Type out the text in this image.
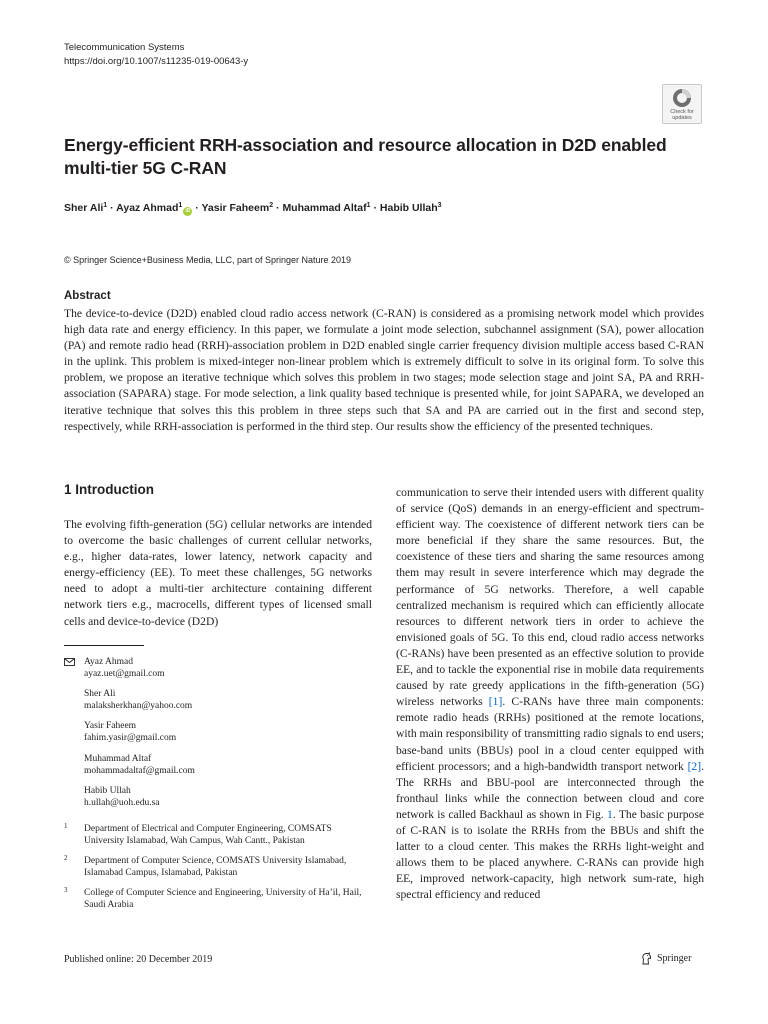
Telecommunication Systems
https://doi.org/10.1007/s11235-019-00643-y
Check for
updates
Energy-efficient RRH-association and resource allocation in D2D enabled multi-tier 5G C-RAN
Sher Ali$^1$ · Ayaz Ahmad$^1$iD · Yasir Faheem$^2$ · Muhammad Altaf$^1$ · Habib Ullah$^3$
© Springer Science+Business Media, LLC, part of Springer Nature 2019
Abstract

The device-to-device (D2D) enabled cloud radio access network (C-RAN) is considered as a promising network model which provides high data rate and energy efficiency. In this paper, we formulate a joint mode selection, subchannel assignment (SA), power allocation (PA) and remote radio head (RRH)-association problem in D2D enabled single carrier frequency division multiple access based C-RAN in the uplink. This problem is mixed-integer non-linear problem which is extremely difficult to solve in its original form. To solve this problem, we propose an iterative technique which solves this problem in two stages; mode selection stage and joint SA, PA and RRH-association (SAPARA) stage. For mode selection, a link quality based technique is presented while, for joint SAPARA, we developed an iterative technique that solves this this problem in three steps such that SA and PA are carried out in the first and second step, respectively, while RRH-association is performed in the third step. Our results show the efficiency of the presented techniques.

1 Introduction

The evolving fifth-generation (5G) cellular networks are intended to overcome the basic challenges of current cellular networks, e.g., higher data-rates, lower latency, network capacity and energy-efficiency (EE). To meet these challenges, 5G networks need to adopt a multi-tier architecture containing different network tiers e.g., macrocells, different types of licensed small cells and device-to-device (D2D)

communication to serve their intended users with different quality of service (QoS) demands in an energy-efficient and spectrum-efficient way. The coexistence of different network tiers can be more beneficial if they share the same resources. But, the coexistence of these tiers and sharing the same resources among them may result in severe interference which may degrade the performance of 5G networks. Therefore, a well capable centralized mechanism is required which can efficiently allocate resources to different network tiers in order to achieve the envisioned goals of 5G. To this end, cloud radio access networks (C-RANs) have been presented as an effective solution to provide EE, and to tackle the exponential rise in mobile data requirements caused by rate greedy applications in the fifth-generation (5G) wireless networks [1]. C-RANs have three main components: remote radio heads (RRHs) positioned at the remote locations, with main responsibility of transmitting radio signals to end users; base-band units (BBUs) pool in a cloud center equipped with efficient processors; and a high-bandwidth transport network [2]. The RRHs and BBU-pool are interconnected through the fronthaul links while the connection between cloud and core network is called Backhaul as shown in Fig. 1. The basic purpose of C-RAN is to isolate the RRHs from the BBUs and shift the latter to a cloud center. This makes the RRHs light-weight and allows them to be placed anywhere. C-RANs can provide high EE, improved network-capacity, high network sum-rate, high spectral efficiency and reduced

Ayaz Ahmad
ayaz.uet@gmail.com
Sher Ali
malaksherkhan@yahoo.com
Yasir Faheem
fahim.yasir@gmail.com
Muhammad Altaf
mohammadaltaf@gmail.com
Habib Ullah
h.ullah@uoh.edu.sa
1 Department of Electrical and Computer Engineering, COMSATS University Islamabad, Wah Campus, Wah Cantt., Pakistan
2 Department of Computer Science, COMSATS University Islamabad, Islamabad Campus, Islamabad, Pakistan
3 College of Computer Science and Engineering, University of Ha’il, Hail, Saudi Arabia
Published online: 20 December 2019	Springer
